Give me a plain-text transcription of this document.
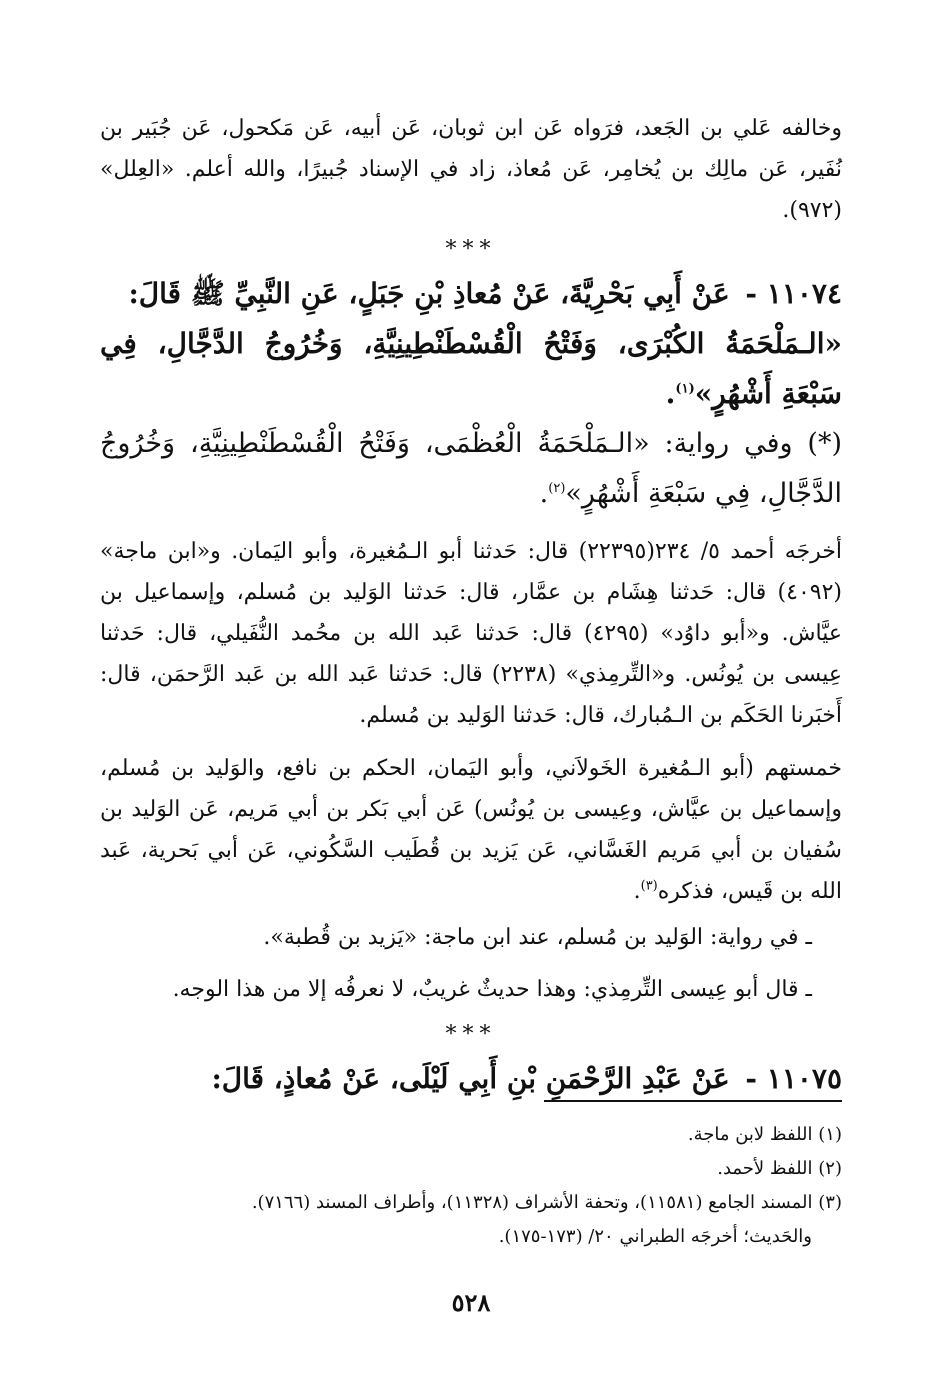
وخالفه عَلي بن الجَعد، فرَواه عَن ابن ثوبان، عَن أبيه، عَن مَكحول، عَن جُبَير بن نُفَير، عَن مالِك بن يُخامِر، عَن مُعاذ، زاد في الإسناد جُبيرًا، والله أعلم. «العِلل» (٩٧٢).

***

١١٠٧٤ - عَنْ أَبِي بَحْرِيَّةَ، عَنْ مُعاذِ بْنِ جَبَلٍ، عَنِ النَّبِيِّ ﷺ قَالَ:

«الـمَلْحَمَةُ الكُبْرَى، وَفَتْحُ الْقُسْطَنْطِينِيَّةِ، وَخُرُوجُ الدَّجَّالِ، فِي سَبْعَةِ أَشْهُرٍ»$^{(١)}$.

(*) وفي رواية: «الـمَلْحَمَةُ الْعُظْمَى، وَفَتْحُ الْقُسْطَنْطِينِيَّةِ، وَخُرُوجُ الدَّجَّالِ، فِي سَبْعَةِ أَشْهُرٍ»$^{(٢)}$.

أخرجَه أحمد ٥/ ٢٣٤(٢٢٣٩٥) قال: حَدثنا أبو الـمُغيرة، وأبو اليَمان. و«ابن ماجة» (٤٠٩٢) قال: حَدثنا هِشَام بن عمَّار، قال: حَدثنا الوَليد بن مُسلم، وإسماعيل بن عيَّاش. و«أبو داوُد» (٤٢٩٥) قال: حَدثنا عَبد الله بن محُمد النُّفَيلي، قال: حَدثنا عِيسى بن يُونُس. و«التِّرمِذي» (٢٢٣٨) قال: حَدثنا عَبد الله بن عَبد الرَّحمَن، قال: أَخبَرنا الحَكَم بن الـمُبارك، قال: حَدثنا الوَليد بن مُسلم.

خمستهم (أبو الـمُغيرة الخَولاَني، وأبو اليَمان، الحكم بن نافع، والوَليد بن مُسلم، وإسماعيل بن عيَّاش، وعِيسى بن يُونُس) عَن أبي بَكر بن أبي مَريم، عَن الوَليد بن سُفيان بن أبي مَريم الغَسَّاني، عَن يَزيد بن قُطَيب السَّكُوني، عَن أبي بَحرية، عَبد الله بن قَيس، فذكره$^{(٣)}$.

ـ في رواية: الوَليد بن مُسلم، عند ابن ماجة: «يَزيد بن قُطبة».

ـ قال أبو عِيسى التِّرمِذي: وهذا حديثٌ غريبٌ، لا نعرفُه إلا من هذا الوجه.

***

١١٠٧٥ - عَنْ عَبْدِ الرَّحْمَنِ بْنِ أَبِي لَيْلَى، عَنْ مُعاذٍ، قَالَ:

(١) اللفظ لابن ماجة.

(٢) اللفظ لأحمد.

(٣) المسند الجامع (١١٥٨١)، وتحفة الأشراف (١١٣٢٨)، وأطراف المسند (٧١٦٦).

والحَديث؛ أخرجَه الطبراني ٢٠/ (١٧٣-١٧٥).

٥٢٨
